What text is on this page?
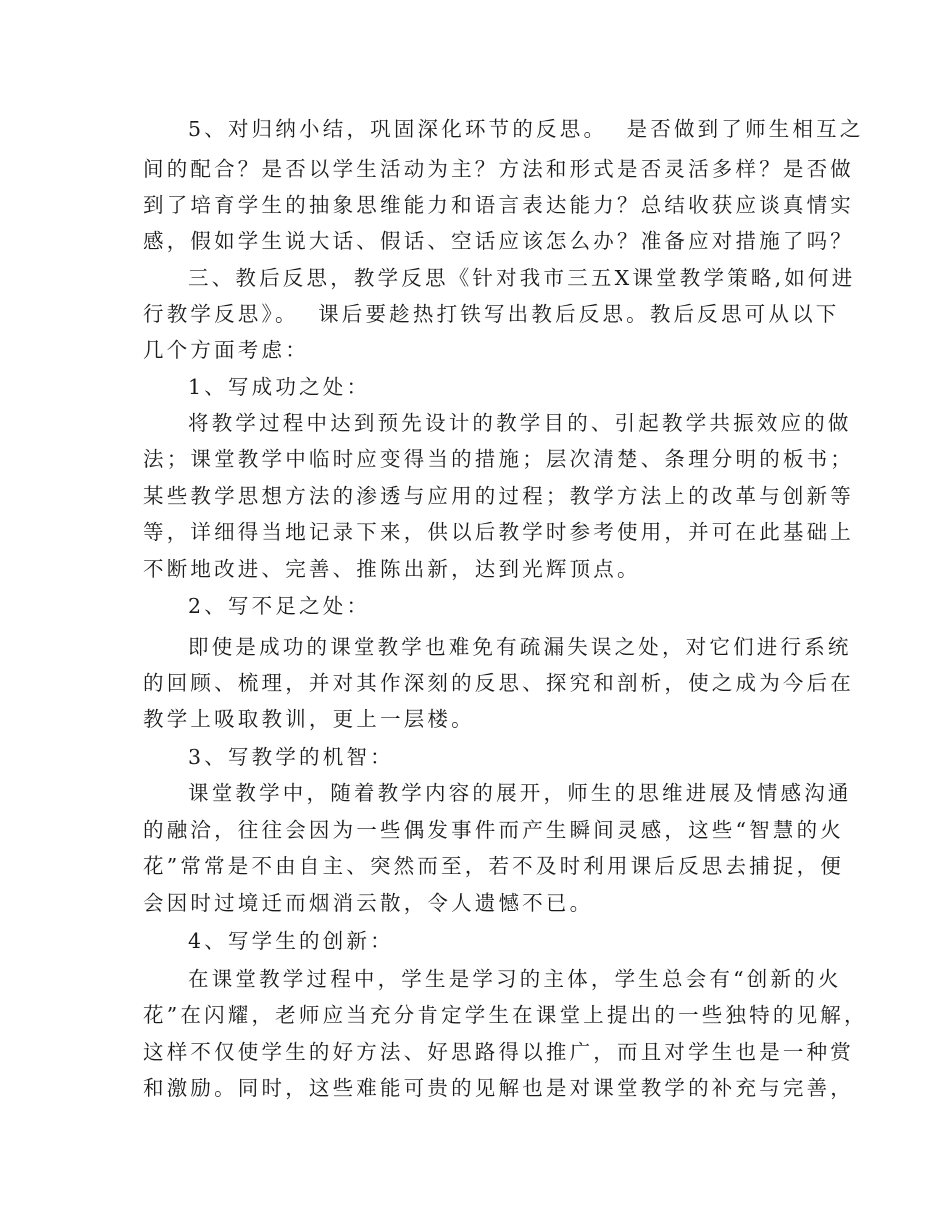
5、对归纳小结，巩固深化环节的反思。  是否做到了师生相互之

间的配合？是否以学生活动为主？方法和形式是否灵活多样？是否做

到了培育学生的抽象思维能力和语言表达能力？总结收获应谈真情实

感，假如学生说大话、假话、空话应该怎么办？准备应对措施了吗？

三、教后反思，教学反思《针对我市三五X课堂教学策略,如何进

行教学反思》。  课后要趁热打铁写出教后反思。教后反思可从以下

几个方面考虑：

1、写成功之处：

将教学过程中达到预先设计的教学目的、引起教学共振效应的做

法；课堂教学中临时应变得当的措施；层次清楚、条理分明的板书；

某些教学思想方法的渗透与应用的过程；教学方法上的改革与创新等

等，详细得当地记录下来，供以后教学时参考使用，并可在此基础上

不断地改进、完善、推陈出新，达到光辉顶点。

2、写不足之处：

即使是成功的课堂教学也难免有疏漏失误之处，对它们进行系统

的回顾、梳理，并对其作深刻的反思、探究和剖析，使之成为今后在

教学上吸取教训，更上一层楼。

3、写教学的机智：

课堂教学中，随着教学内容的展开，师生的思维进展及情感沟通

的融洽，往往会因为一些偶发事件而产生瞬间灵感，这些“智慧的火

花”常常是不由自主、突然而至，若不及时利用课后反思去捕捉，便

会因时过境迁而烟消云散，令人遗憾不已。

4、写学生的创新：

在课堂教学过程中，学生是学习的主体，学生总会有“创新的火

花”在闪耀，老师应当充分肯定学生在课堂上提出的一些独特的见解，

这样不仅使学生的好方法、好思路得以推广，而且对学生也是一种赏

和激励。同时，这些难能可贵的见解也是对课堂教学的补充与完善，
